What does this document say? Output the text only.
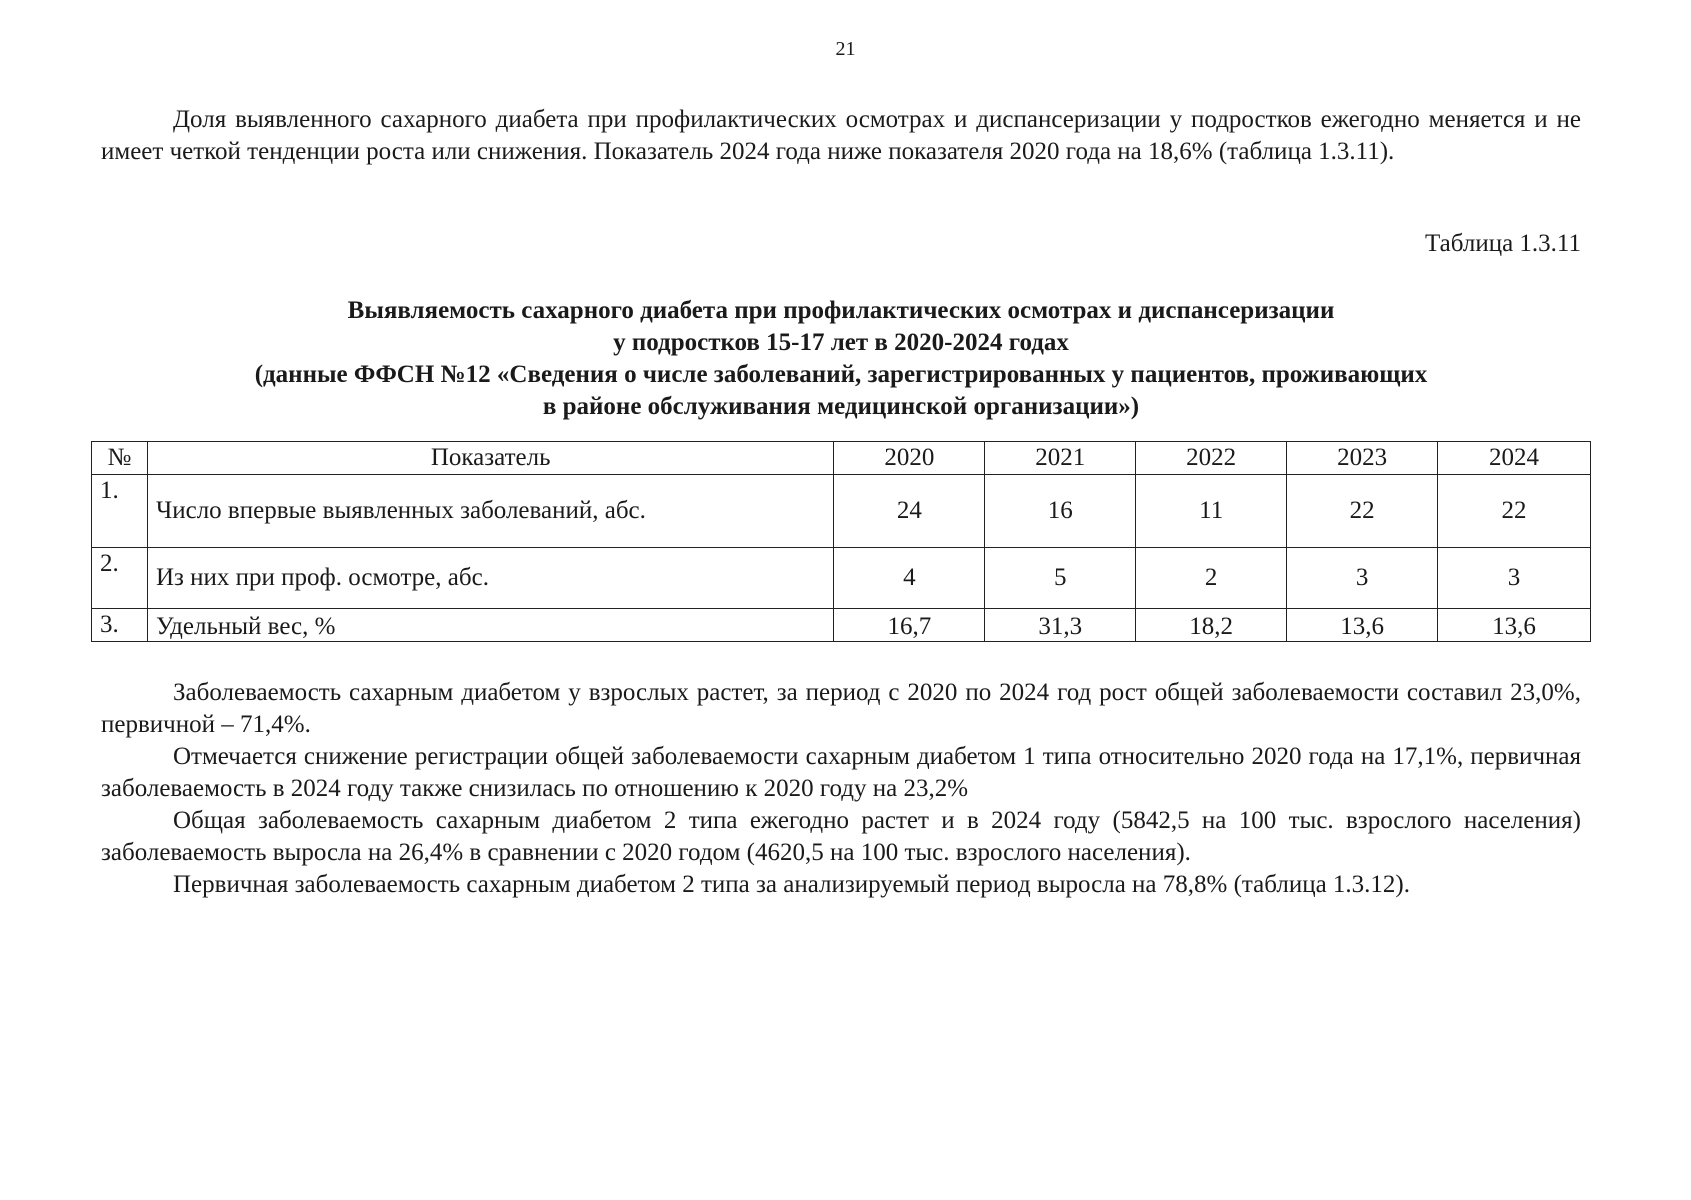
21

Доля выявленного сахарного диабета при профилактических осмотрах и диспансеризации у подростков ежегодно меняется и не имеет четкой тенденции роста или снижения. Показатель 2024 года ниже показателя 2020 года на 18,6% (таблица 1.3.11).

Таблица 1.3.11
Выявляемость сахарного диабета при профилактических осмотрах и диспансеризации
у подростков 15-17 лет в 2020-2024 годах
(данные ФФСН №12 «Сведения о числе заболеваний, зарегистрированных у пациентов, проживающих
в районе обслуживания медицинской организации»)
№	Показатель	2020	2021	2022	2023	2024
1.	Число впервые выявленных заболеваний, абс.	24	16	11	22	22
2.	Из них при проф. осмотре, абс.	4	5	2	3	3
3.	Удельный вес, %	16,7	31,3	18,2	13,6	13,6

Заболеваемость сахарным диабетом у взрослых растет, за период с 2020 по 2024 год рост общей заболеваемости составил 23,0%, первичной – 71,4%.

Отмечается снижение регистрации общей заболеваемости сахарным диабетом 1 типа относительно 2020 года на 17,1%, первичная заболеваемость в 2024 году также снизилась по отношению к 2020 году на 23,2%

Общая заболеваемость сахарным диабетом 2 типа ежегодно растет и в 2024 году (5842,5 на 100 тыс. взрослого населения) заболеваемость выросла на 26,4% в сравнении с 2020 годом (4620,5 на 100 тыс. взрослого населения).

Первичная заболеваемость сахарным диабетом 2 типа за анализируемый период выросла на 78,8% (таблица 1.3.12).
